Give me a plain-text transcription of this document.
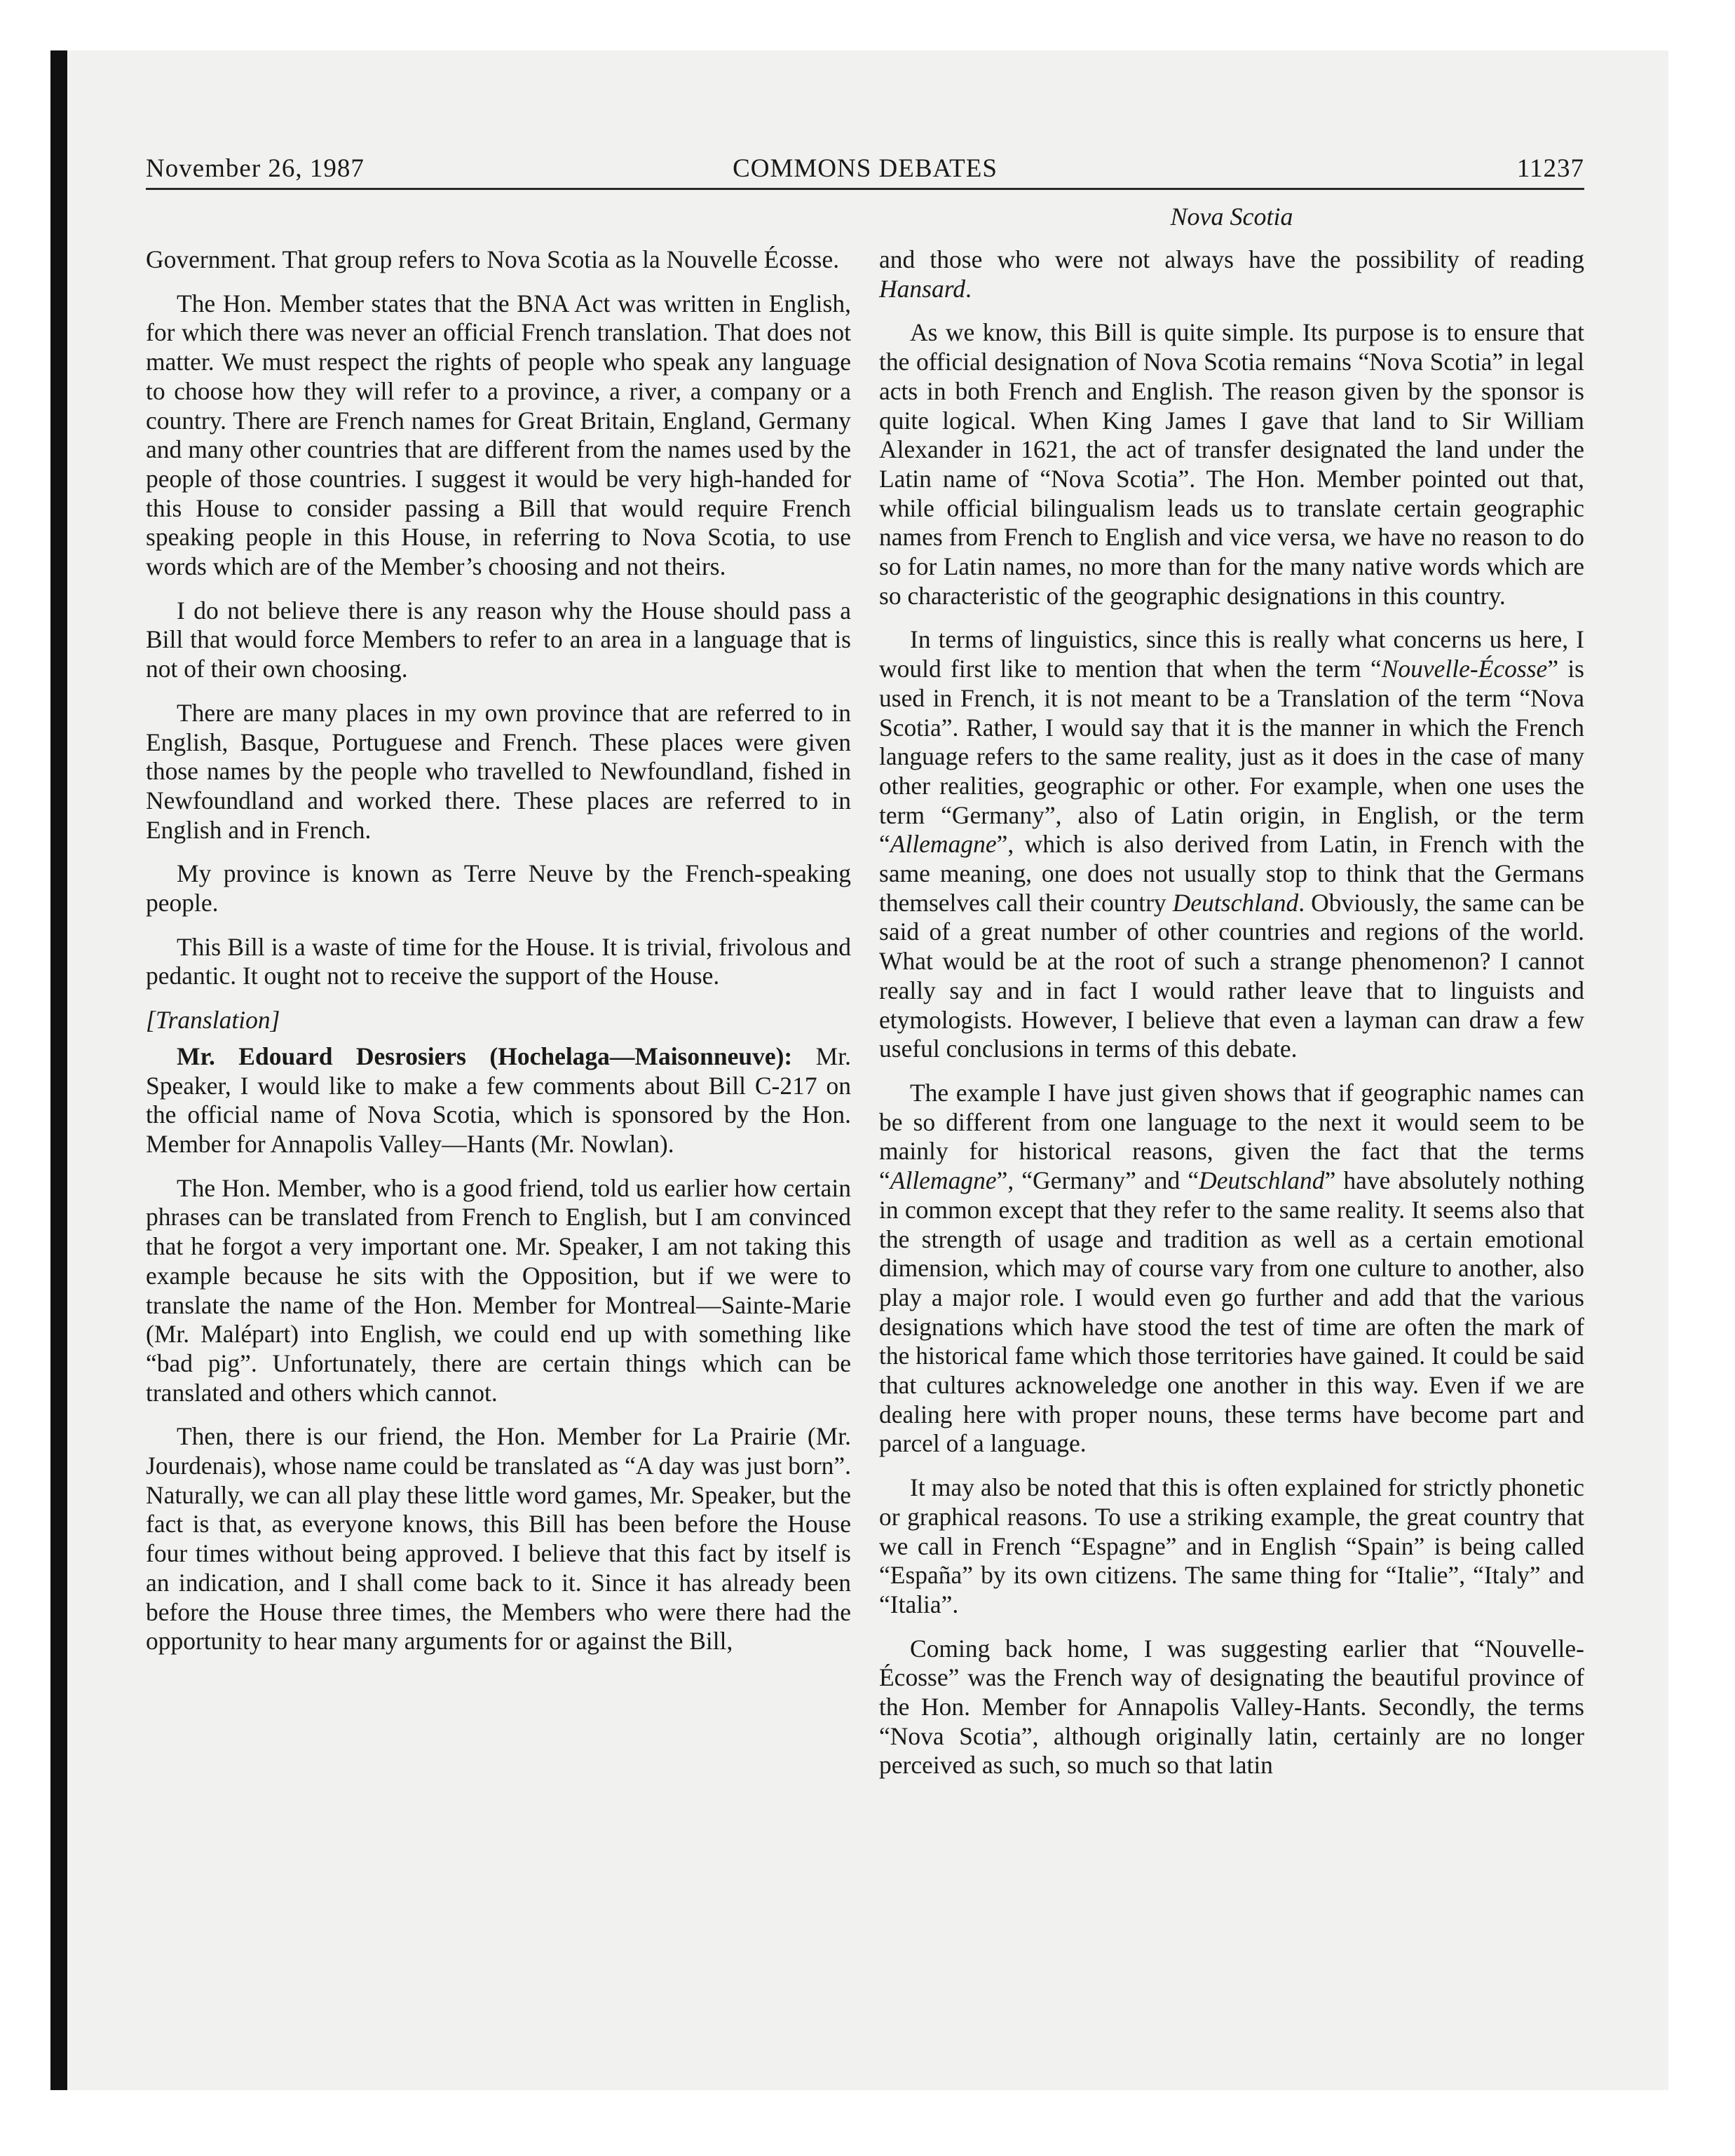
November 26, 1987	COMMONS DEBATES	11237
Nova Scotia

Government. That group refers to Nova Scotia as la Nouvelle Écosse.

The Hon. Member states that the BNA Act was written in English, for which there was never an official French translation. That does not matter. We must respect the rights of people who speak any language to choose how they will refer to a province, a river, a company or a country. There are French names for Great Britain, England, Germany and many other countries that are different from the names used by the people of those countries. I suggest it would be very high-handed for this House to consider passing a Bill that would require French speaking people in this House, in referring to Nova Scotia, to use words which are of the Member’s choosing and not theirs.

I do not believe there is any reason why the House should pass a Bill that would force Members to refer to an area in a language that is not of their own choosing.

There are many places in my own province that are referred to in English, Basque, Portuguese and French. These places were given those names by the people who travelled to Newfoundland, fished in Newfoundland and worked there. These places are referred to in English and in French.

My province is known as Terre Neuve by the French-speaking people.

This Bill is a waste of time for the House. It is trivial, frivolous and pedantic. It ought not to receive the support of the House.

[Translation]

Mr. Edouard Desrosiers (Hochelaga—Maisonneuve): Mr. Speaker, I would like to make a few comments about Bill C-217 on the official name of Nova Scotia, which is sponsored by the Hon. Member for Annapolis Valley—Hants (Mr. Nowlan).

The Hon. Member, who is a good friend, told us earlier how certain phrases can be translated from French to English, but I am convinced that he forgot a very important one. Mr. Speaker, I am not taking this example because he sits with the Opposition, but if we were to translate the name of the Hon. Member for Montreal—Sainte-Marie (Mr. Malépart) into English, we could end up with something like “bad pig”. Unfortunately, there are certain things which can be translated and others which cannot.

Then, there is our friend, the Hon. Member for La Prairie (Mr. Jourdenais), whose name could be translated as “A day was just born”. Naturally, we can all play these little word games, Mr. Speaker, but the fact is that, as everyone knows, this Bill has been before the House four times without being approved. I believe that this fact by itself is an indication, and I shall come back to it. Since it has already been before the House three times, the Members who were there had the opportunity to hear many arguments for or against the Bill,

and those who were not always have the possibility of reading Hansard.

As we know, this Bill is quite simple. Its purpose is to ensure that the official designation of Nova Scotia remains “Nova Scotia” in legal acts in both French and English. The reason given by the sponsor is quite logical. When King James I gave that land to Sir William Alexander in 1621, the act of transfer designated the land under the Latin name of “Nova Scotia”. The Hon. Member pointed out that, while official bilingualism leads us to translate certain geographic names from French to English and vice versa, we have no reason to do so for Latin names, no more than for the many native words which are so characteristic of the geographic designations in this country.

In terms of linguistics, since this is really what concerns us here, I would first like to mention that when the term “Nouvelle-Écosse” is used in French, it is not meant to be a Translation of the term “Nova Scotia”. Rather, I would say that it is the manner in which the French language refers to the same reality, just as it does in the case of many other realities, geographic or other. For example, when one uses the term “Germany”, also of Latin origin, in English, or the term “Allemagne”, which is also derived from Latin, in French with the same meaning, one does not usually stop to think that the Germans themselves call their country Deutschland. Obviously, the same can be said of a great number of other countries and regions of the world. What would be at the root of such a strange phenomenon? I cannot really say and in fact I would rather leave that to linguists and etymologists. However, I believe that even a layman can draw a few useful conclusions in terms of this debate.

The example I have just given shows that if geographic names can be so different from one language to the next it would seem to be mainly for historical reasons, given the fact that the terms “Allemagne”, “Germany” and “Deutschland” have absolutely nothing in common except that they refer to the same reality. It seems also that the strength of usage and tradition as well as a certain emotional dimension, which may of course vary from one culture to another, also play a major role. I would even go further and add that the various designations which have stood the test of time are often the mark of the historical fame which those territories have gained. It could be said that cultures acknoweledge one another in this way. Even if we are dealing here with proper nouns, these terms have become part and parcel of a language.

It may also be noted that this is often explained for strictly phonetic or graphical reasons. To use a striking example, the great country that we call in French “Espagne” and in English “Spain” is being called “España” by its own citizens. The same thing for “Italie”, “Italy” and “Italia”.

Coming back home, I was suggesting earlier that “Nouvelle-Écosse” was the French way of designating the beautiful province of the Hon. Member for Annapolis Valley-Hants. Secondly, the terms “Nova Scotia”, although originally latin, certainly are no longer perceived as such, so much so that latin
